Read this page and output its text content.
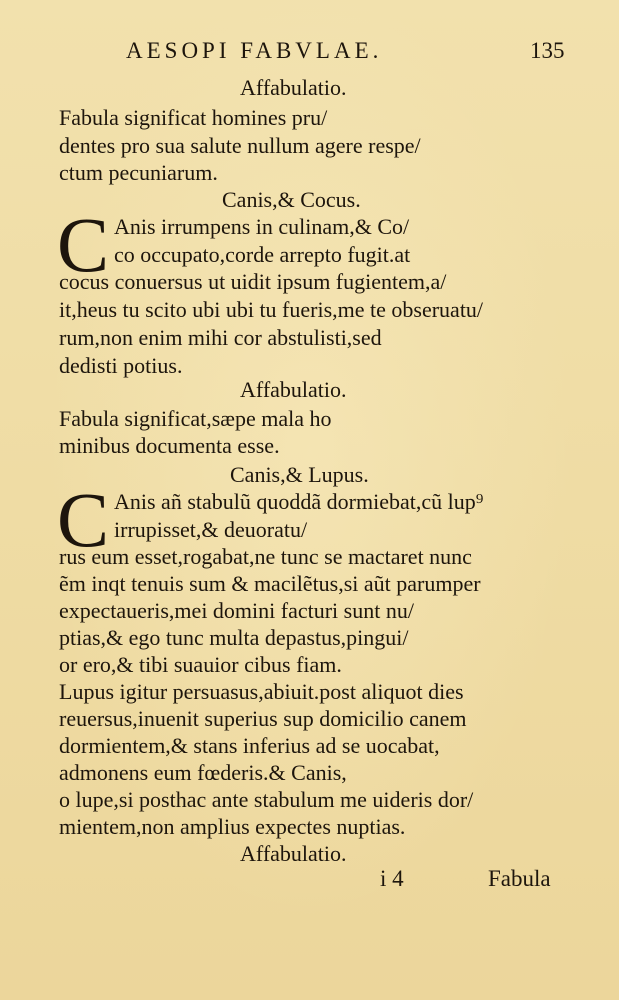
AESOPI FABVLAE.	135
Affabulatio.
Fabula significat homines pru/
dentes pro sua salute nullum agere respe/
ctum pecuniarum.
Canis,& Cocus.
C Anis irrumpens in culinam,& Co/
co occupato,corde arrepto fugit.at
cocus conuersus ut uidit ipsum fugientem,a/
it,heus tu scito ubi ubi tu fueris,me te obseruatu/
rum,non enim mihi cor abstulisti,sed
dedisti potius.
Affabulatio.
Fabula significat,sæpe mala ho
minibus documenta esse.
Canis,& Lupus.
C Anis añ stabulũ quoddã dormiebat,cũ lup⁹
irrupisset,& deuoratu/
rus eum esset,rogabat,ne tunc se mactaret nunc
ẽm inqt tenuis sum & macilẽtus,si aũt parumper
expectaueris,mei domini facturi sunt nu/
ptias,& ego tunc multa depastus,pingui/
or ero,& tibi suauior cibus fiam.
Lupus igitur persuasus,abiuit.post aliquot dies
reuersus,inuenit superius sup domicilio canem
dormientem,& stans inferius ad se uocabat,
admonens eum fœderis.& Canis,
o lupe,si posthac ante stabulum me uideris dor/
mientem,non amplius expectes nuptias.
Affabulatio.
i 4	Fabula
